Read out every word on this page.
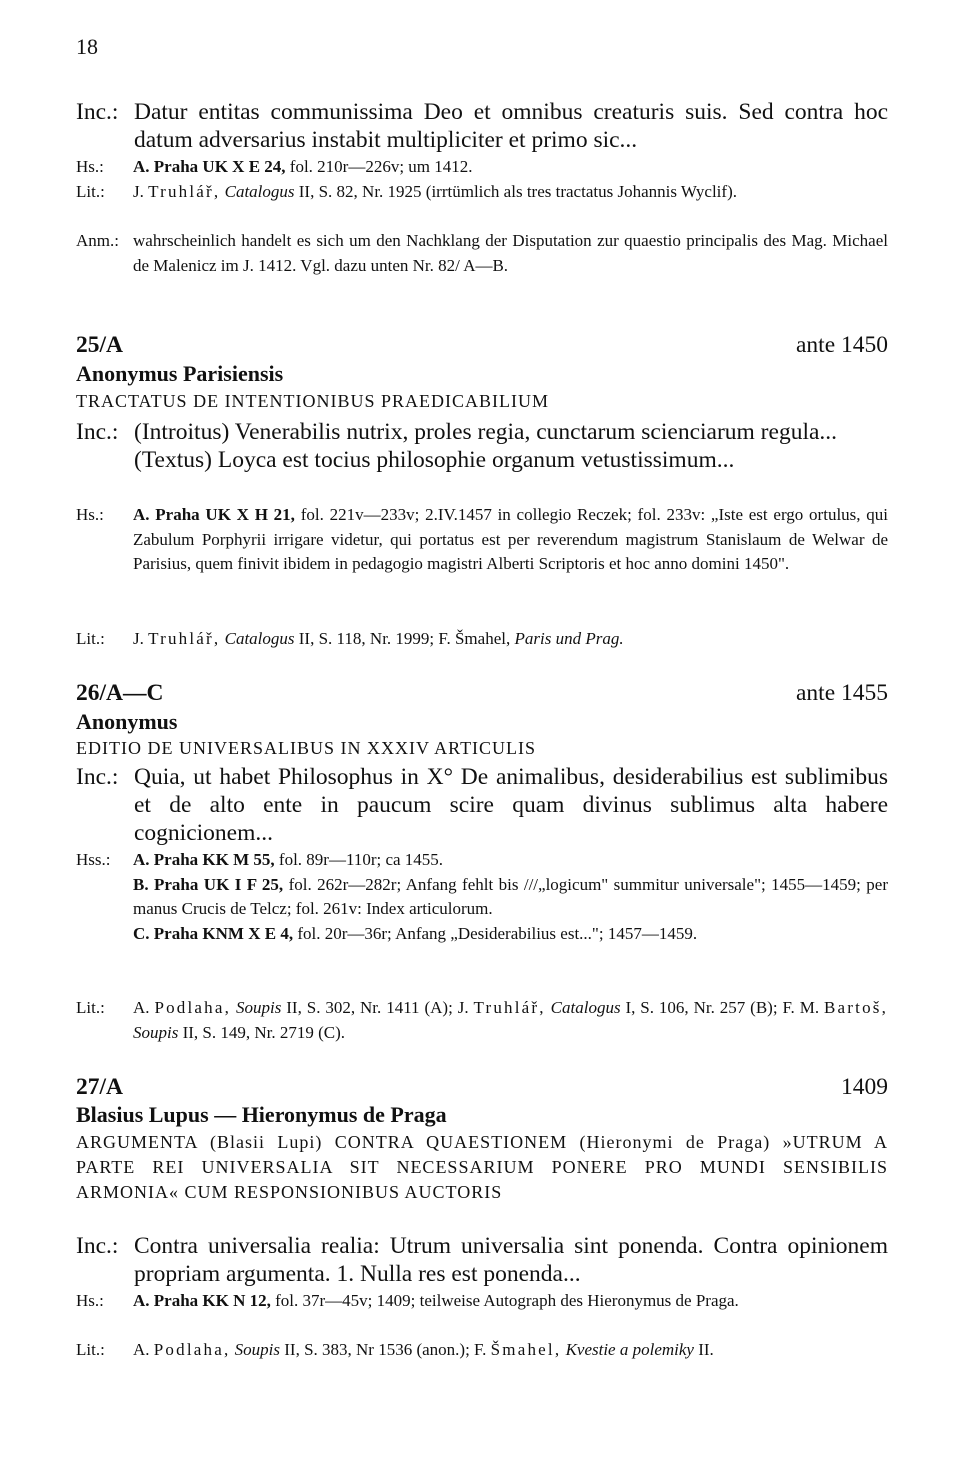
18
Inc.: Datur entitas communissima Deo et omnibus creaturis suis. Sed contra hoc datum adversarius instabit multipliciter et primo sic...
Hs.:	A. Praha UK X E 24, fol. 210r—226v; um 1412.
Lit.:	J. Truhlář, Catalogus II, S. 82, Nr. 1925 (irrtümlich als tres tractatus Johannis Wyclif).
Anm.: wahrscheinlich handelt es sich um den Nachklang der Disputation zur quaestio principalis des Mag. Michael de Malenicz im J. 1412. Vgl. dazu unten Nr. 82/ A—B.
25/A	ante 1450
Anonymus Parisiensis
TRACTATUS DE INTENTIONIBUS PRAEDICABILIUM
Inc.: (Introitus) Venerabilis nutrix, proles regia, cunctarum scienciarum regula...
(Textus) Loyca est tocius philosophie organum vetustissimum...
Hs.:	A. Praha UK X H 21, fol. 221v—233v; 2.IV.1457 in collegio Reczek; fol. 233v: „Iste est ergo ortulus, qui Zabulum Porphyrii irrigare videtur, qui portatus est per reverendum magistrum Stanislaum de Welwar de Parisius, quem finivit ibidem in pedagogio magistri Alberti Scriptoris et hoc anno domini 1450".
Lit.:	J. Truhlář, Catalogus II, S. 118, Nr. 1999; F. Šmahel, Paris und Prag.
26/A—C	ante 1455
Anonymus
EDITIO DE UNIVERSALIBUS IN XXXIV ARTICULIS
Inc.: Quia, ut habet Philosophus in X° De animalibus, desiderabilius est sublimibus et de alto ente in paucum scire quam divinus sublimus alta habere cognicionem...
Hss.:	A. Praha KK M 55, fol. 89r—110r; ca 1455.
B. Praha UK I F 25, fol. 262r—282r; Anfang fehlt bis ///„logicum" summitur universale"; 1455—1459; per manus Crucis de Telcz; fol. 261v: Index articulorum.
C. Praha KNM X E 4, fol. 20r—36r; Anfang „Desiderabilius est..."; 1457—1459.
Lit.:	A. Podlaha, Soupis II, S. 302, Nr. 1411 (A); J. Truhlář, Catalogus I, S. 106, Nr. 257 (B); F. M. Bartoš, Soupis II, S. 149, Nr. 2719 (C).
27/A	1409
Blasius Lupus — Hieronymus de Praga
ARGUMENTA (Blasii Lupi) CONTRA QUAESTIONEM (Hieronymi de Praga) »UTRUM A PARTE REI UNIVERSALIA SIT NECESSARIUM PONERE PRO MUNDI SENSIBILIS ARMONIA« CUM RESPONSIONIBUS AUCTORIS
Inc.: Contra universalia realia: Utrum universalia sint ponenda. Contra opinionem propriam argumenta. 1. Nulla res est ponenda...
Hs.:	A. Praha KK N 12, fol. 37r—45v; 1409; teilweise Autograph des Hieronymus de Praga.
Lit.:	A. Podlaha, Soupis II, S. 383, Nr 1536 (anon.); F. Šmahel, Kvestie a polemiky II.
